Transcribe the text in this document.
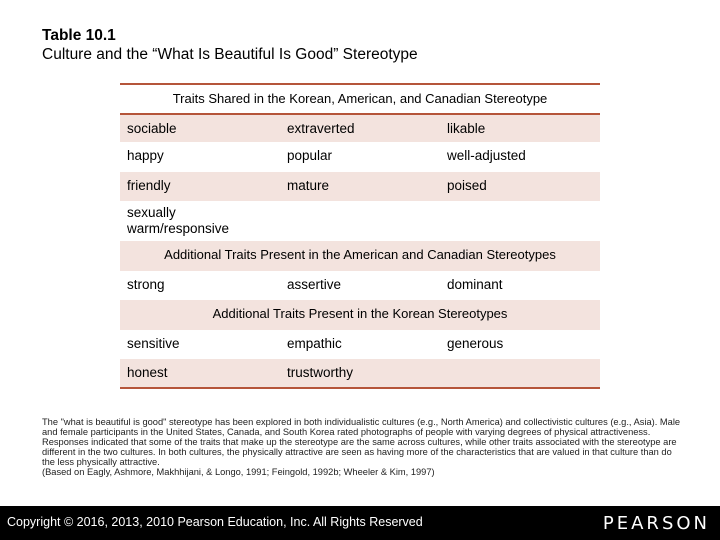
Table 10.1
Culture and the “What Is Beautiful Is Good” Stereotype
Traits Shared in the Korean, American, and Canadian Stereotype
sociable	extraverted	likable
happy	popular	well-adjusted
friendly	mature	poised
sexually warm/responsive
Additional Traits Present in the American and Canadian Stereotypes
strong	assertive	dominant
Additional Traits Present in the Korean Stereotypes
sensitive	empathic	generous
honest	trustworthy
The "what is beautiful is good" stereotype has been explored in both individualistic cultures (e.g., North America) and collectivistic cultures (e.g., Asia). Male and female participants in the United States, Canada, and South Korea rated photographs of people with varying degrees of physical attractiveness. Responses indicated that some of the traits that make up the stereotype are the same across cultures, while other traits associated with the stereotype are different in the two cultures. In both cultures, the physically attractive are seen as having more of the characteristics that are valued in that culture than do the less physically attractive.
(Based on Eagly, Ashmore, Makhhijani, & Longo, 1991; Feingold, 1992b; Wheeler & Kim, 1997)
Copyright © 2016, 2013, 2010 Pearson Education, Inc. All Rights Reserved	PEARSON
